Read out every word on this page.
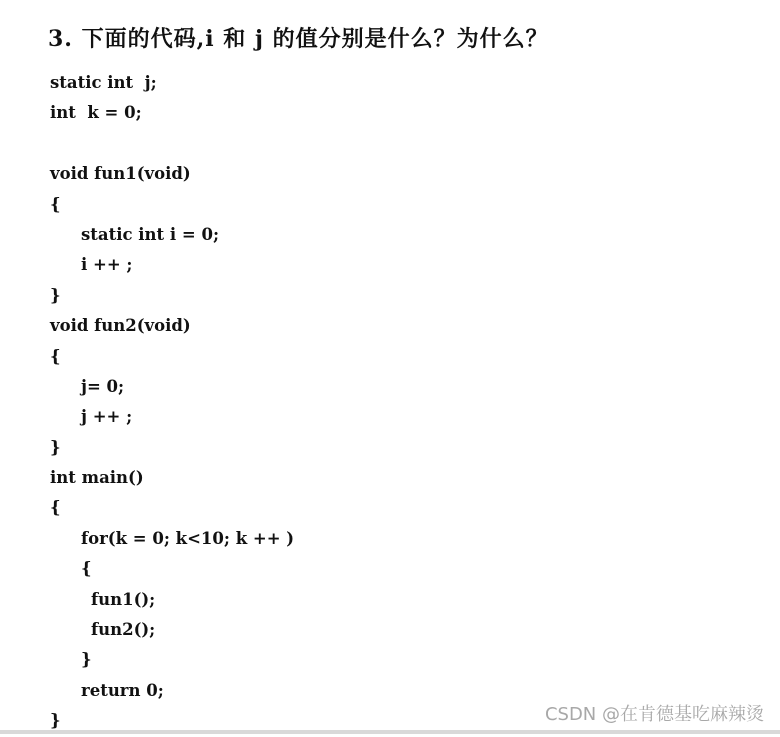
3. 下面的代码,i 和 j 的值分别是什么？为什么？
static int  j;
int  k = 0;
void fun1(void)
{
static int i = 0;
i ++ ;
}
void fun2(void)
{
j= 0;
j ++ ;
}
int main()
{
for(k = 0; k<10; k ++ )
{
fun1();
fun2();
}
return 0;
}	CSDN @在肯德基吃麻辣烫
